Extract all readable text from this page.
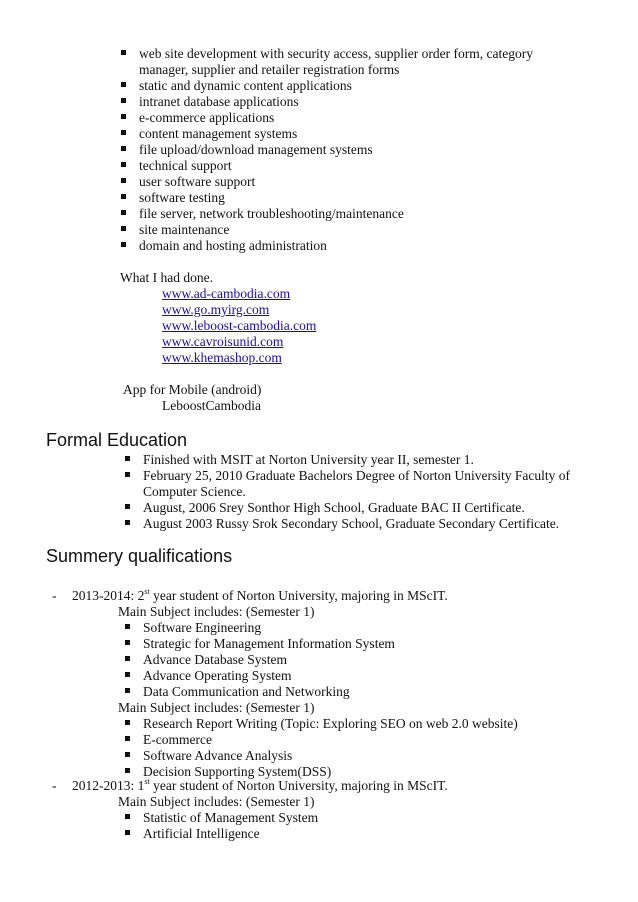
web site development with security access, supplier order form, category
manager, supplier and retailer registration forms
static and dynamic content applications
intranet database applications
e-commerce applications
content management systems
file upload/download management systems
technical support
user software support
software testing
file server, network troubleshooting/maintenance
site maintenance
domain and hosting administration
What I had done.
www.ad-cambodia.com
www.go.myirg.com
www.leboost-cambodia.com
www.cavroisunid.com
www.khemashop.com
App for Mobile (android)
LeboostCambodia
Formal Education
Finished with MSIT at Norton University year II, semester 1.
February 25, 2010 Graduate Bachelors Degree of Norton University Faculty of
Computer Science.
August, 2006 Srey Sonthor High School, Graduate BAC II Certificate.
August 2003 Russy Srok Secondary School, Graduate Secondary Certificate.
Summery qualifications
- 2013-2014: 2st year student of Norton University, majoring in MScIT.
Main Subject includes: (Semester 1)
Software Engineering
Strategic for Management Information System
Advance Database System
Advance Operating System
Data Communication and Networking
Main Subject includes: (Semester 1)
Research Report Writing (Topic: Exploring SEO on web 2.0 website)
E-commerce
Software Advance Analysis
Decision Supporting System(DSS)
- 2012-2013: 1st year student of Norton University, majoring in MScIT.
Main Subject includes: (Semester 1)
Statistic of Management System
Artificial Intelligence
